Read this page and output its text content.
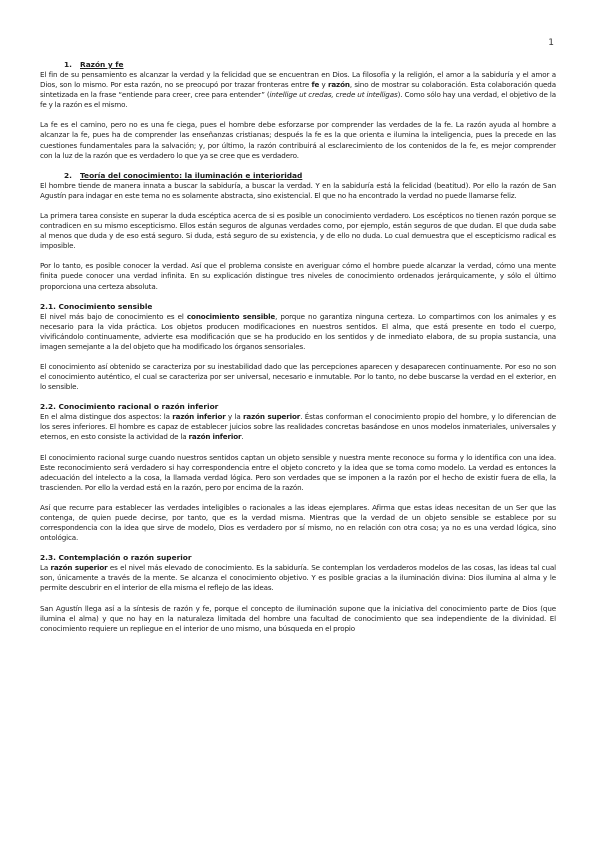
1
1. Razón y fe

El fin de su pensamiento es alcanzar la verdad y la felicidad que se encuentran en Dios. La filosofía y la religión, el amor a la sabiduría y el amor a Dios, son lo mismo. Por esta razón, no se preocupó por trazar fronteras entre fe y razón, sino de mostrar su colaboración. Esta colaboración queda sintetizada en la frase “entiende para creer, cree para entender” (intellige ut credas, crede ut intelligas). Como sólo hay una verdad, el objetivo de la fe y la razón es el mismo.

La fe es el camino, pero no es una fe ciega, pues el hombre debe esforzarse por comprender las verdades de la fe. La razón ayuda al hombre a alcanzar la fe, pues ha de comprender las enseñanzas cristianas; después la fe es la que orienta e ilumina la inteligencia, pues la precede en las cuestiones fundamentales para la salvación; y, por último, la razón contribuirá al esclarecimiento de los contenidos de la fe, es mejor comprender con la luz de la razón que es verdadero lo que ya se cree que es verdadero.

2. Teoría del conocimiento: la iluminación e interioridad

El hombre tiende de manera innata a buscar la sabiduría, a buscar la verdad. Y en la sabiduría está la felicidad (beatitud). Por ello la razón de San Agustín para indagar en este tema no es solamente abstracta, sino existencial. El que no ha encontrado la verdad no puede llamarse feliz.

La primera tarea consiste en superar la duda escéptica acerca de si es posible un conocimiento verdadero. Los escépticos no tienen razón porque se contradicen en su mismo escepticismo. Ellos están seguros de algunas verdades como, por ejemplo, están seguros de que dudan. El que duda sabe al menos que duda y de eso está seguro. Si duda, está seguro de su existencia, y de ello no duda. Lo cual demuestra que el escepticismo radical es imposible.

Por lo tanto, es posible conocer la verdad. Así que el problema consiste en averiguar cómo el hombre puede alcanzar la verdad, cómo una mente finita puede conocer una verdad infinita. En su explicación distingue tres niveles de conocimiento ordenados jerárquicamente, y sólo el último proporciona una certeza absoluta.

2.1. Conocimiento sensible

El nivel más bajo de conocimiento es el conocimiento sensible, porque no garantiza ninguna certeza. Lo compartimos con los animales y es necesario para la vida práctica. Los objetos producen modificaciones en nuestros sentidos. El alma, que está presente en todo el cuerpo, vivificándolo continuamente, advierte esa modificación que se ha producido en los sentidos y de inmediato elabora, de su propia sustancia, una imagen semejante a la del objeto que ha modificado los órganos sensoriales.

El conocimiento así obtenido se caracteriza por su inestabilidad dado que las percepciones aparecen y desaparecen continuamente. Por eso no son el conocimiento auténtico, el cual se caracteriza por ser universal, necesario e inmutable. Por lo tanto, no debe buscarse la verdad en el exterior, en lo sensible.

2.2. Conocimiento racional o razón inferior

En el alma distingue dos aspectos: la razón inferior y la razón superior. Éstas conforman el conocimiento propio del hombre, y lo diferencian de los seres inferiores. El hombre es capaz de establecer juicios sobre las realidades concretas basándose en unos modelos inmateriales, universales y eternos, en esto consiste la actividad de la razón inferior.

El conocimiento racional surge cuando nuestros sentidos captan un objeto sensible y nuestra mente reconoce su forma y lo identifica con una idea. Este reconocimiento será verdadero si hay correspondencia entre el objeto concreto y la idea que se toma como modelo. La verdad es entonces la adecuación del intelecto a la cosa, la llamada verdad lógica. Pero son verdades que se imponen a la razón por el hecho de existir fuera de ella, la trascienden. Por ello la verdad está en la razón, pero por encima de la razón.

Así que recurre para establecer las verdades inteligibles o racionales a las ideas ejemplares. Afirma que estas ideas necesitan de un Ser que las contenga, de quien puede decirse, por tanto, que es la verdad misma. Mientras que la verdad de un objeto sensible se establece por su correspondencia con la idea que sirve de modelo, Dios es verdadero por sí mismo, no en relación con otra cosa; ya no es una verdad lógica, sino ontológica.

2.3. Contemplación o razón superior

La razón superior es el nivel más elevado de conocimiento. Es la sabiduría. Se contemplan los verdaderos modelos de las cosas, las ideas tal cual son, únicamente a través de la mente. Se alcanza el conocimiento objetivo. Y es posible gracias a la iluminación divina: Dios ilumina al alma y le permite descubrir en el interior de ella misma el reflejo de las ideas.

San Agustín llega así a la síntesis de razón y fe, porque el concepto de iluminación supone que la iniciativa del conocimiento parte de Dios (que ilumina el alma) y que no hay en la naturaleza limitada del hombre una facultad de conocimiento que sea independiente de la divinidad. El conocimiento requiere un repliegue en el interior de uno mismo, una búsqueda en el propio
